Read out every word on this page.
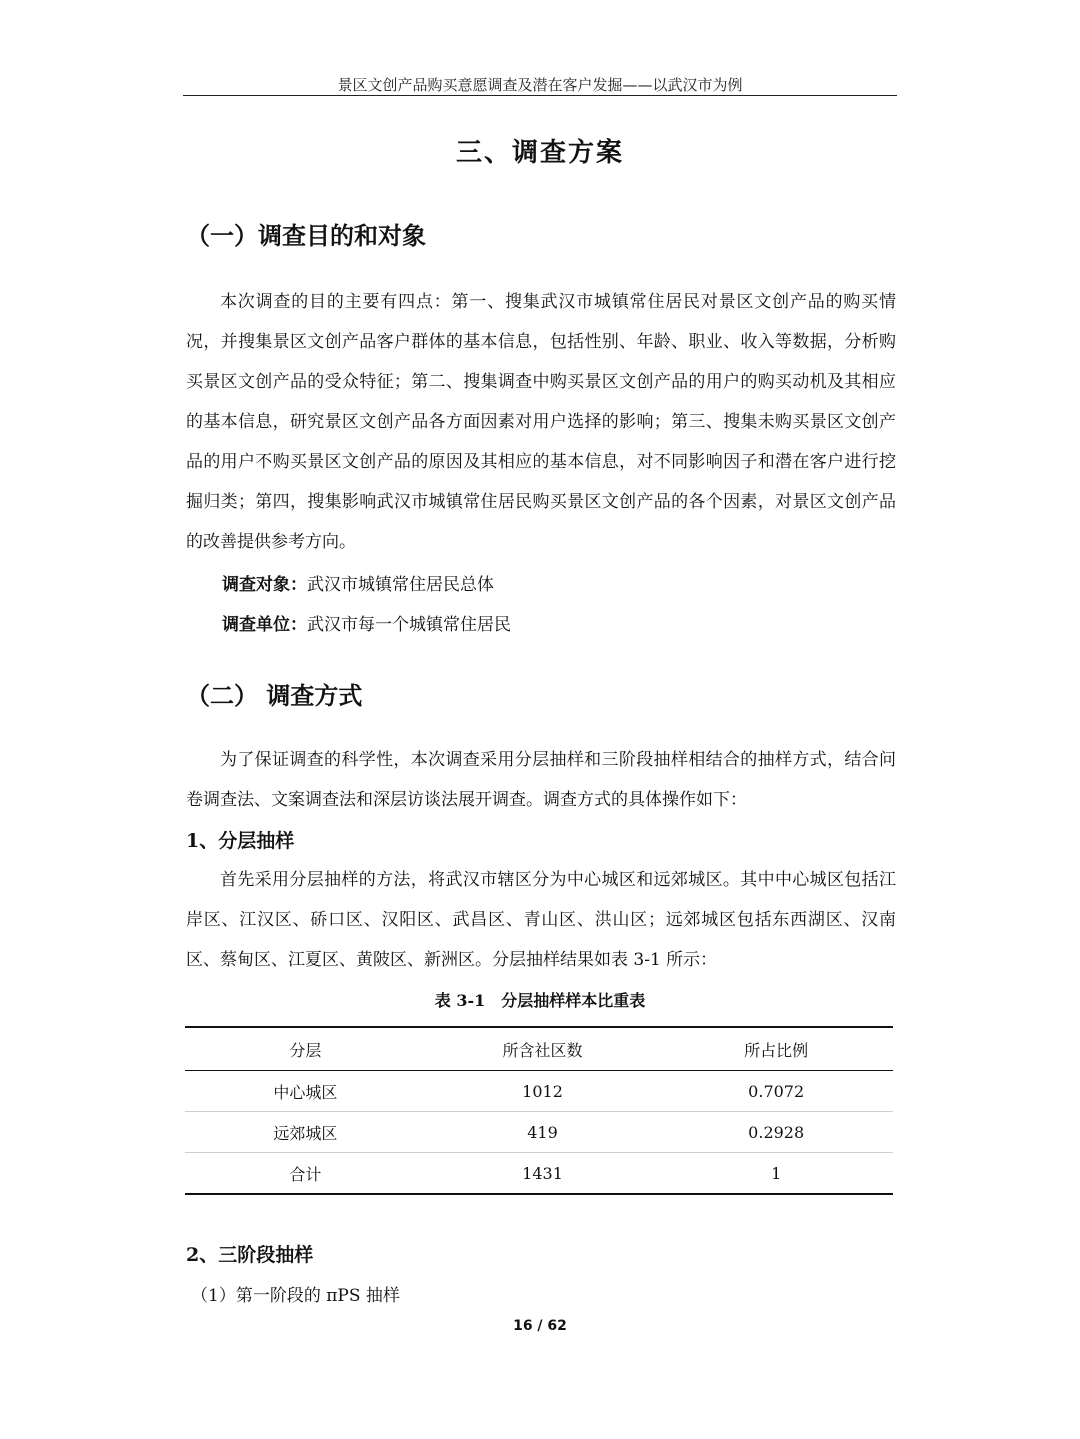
景区文创产品购买意愿调查及潜在客户发掘——以武汉市为例
三、调查方案
（一）调查目的和对象

本次调查的目的主要有四点：第一、搜集武汉市城镇常住居民对景区文创产品的购买情况，并搜集景区文创产品客户群体的基本信息，包括性别、年龄、职业、收入等数据，分析购买景区文创产品的受众特征；第二、搜集调查中购买景区文创产品的用户的购买动机及其相应的基本信息，研究景区文创产品各方面因素对用户选择的影响；第三、搜集未购买景区文创产品的用户不购买景区文创产品的原因及其相应的基本信息，对不同影响因子和潜在客户进行挖掘归类；第四，搜集影响武汉市城镇常住居民购买景区文创产品的各个因素，对景区文创产品的改善提供参考方向。

调查对象：武汉市城镇常住居民总体
调查单位：武汉市每一个城镇常住居民
（二） 调查方式

为了保证调查的科学性，本次调查采用分层抽样和三阶段抽样相结合的抽样方式，结合问卷调查法、文案调查法和深层访谈法展开调查。调查方式的具体操作如下：

1、分层抽样

首先采用分层抽样的方法，将武汉市辖区分为中心城区和远郊城区。其中中心城区包括江岸区、江汉区、硚口区、汉阳区、武昌区、青山区、洪山区；远郊城区包括东西湖区、汉南区、蔡甸区、江夏区、黄陂区、新洲区。分层抽样结果如表 3-1 所示：

表 3-1　分层抽样样本比重表
分层	所含社区数	所占比例
中心城区	1012	0.7072
远郊城区	419	0.2928
合计	1431	1
2、三阶段抽样
（1）第一阶段的 πPS 抽样
16 / 62
